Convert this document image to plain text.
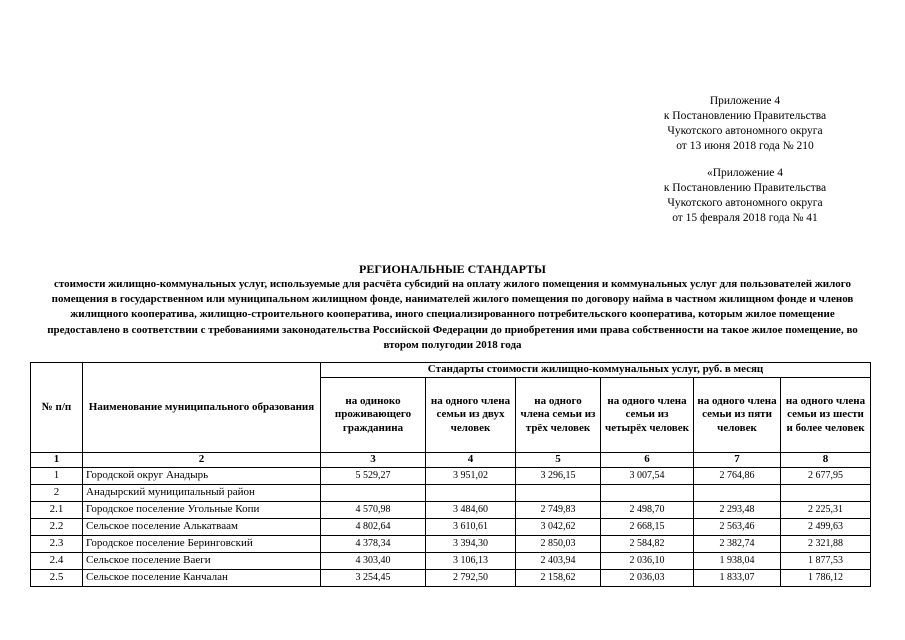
Приложение 4
к Постановлению Правительства
Чукотского автономного округа
от 13 июня 2018 года № 210
«Приложение 4
к Постановлению Правительства
Чукотского автономного округа
от 15 февраля 2018 года № 41
РЕГИОНАЛЬНЫЕ СТАНДАРТЫ
стоимости жилищно-коммунальных услуг, используемые для расчёта субсидий на оплату жилого помещения и коммунальных услуг для пользователей жилого помещения в государственном или муниципальном жилищном фонде, нанимателей жилого помещения по договору найма в частном жилищном фонде и членов жилищного кооператива, жилищно-строительного кооператива, иного специализированного потребительского кооператива, которым жилое помещение предоставлено в соответствии с требованиями законодательства Российской Федерации до приобретения ими права собственности на такое жилое помещение, во втором полугодии 2018 года
№ п/п	Наименование муниципального образования	Стандарты стоимости жилищно-коммунальных услуг, руб. в месяц					
		на одиноко проживающего гражданина	на одного члена семьи из двух человек	на одного члена семьи из трёх человек	на одного члена семьи из четырёх человек	на одного члена семьи из пяти человек	на одного члена семьи из шести и более человек
1	2	3	4	5	6	7	8
1	Городской округ Анадырь	5 529,27	3 951,02	3 296,15	3 007,54	2 764,86	2 677,95
2	Анадырский муниципальный район						
2.1	Городское поселение Угольные Копи	4 570,98	3 484,60	2 749,83	2 498,70	2 293,48	2 225,31
2.2	Сельское поселение Алькатваам	4 802,64	3 610,61	3 042,62	2 668,15	2 563,46	2 499,63
2.3	Городское поселение Беринговский	4 378,34	3 394,30	2 850,03	2 584,82	2 382,74	2 321,88
2.4	Сельское поселение Ваеги	4 303,40	3 106,13	2 403,94	2 036,10	1 938,04	1 877,53
2.5	Сельское поселение Канчалан	3 254,45	2 792,50	2 158,62	2 036,03	1 833,07	1 786,12
